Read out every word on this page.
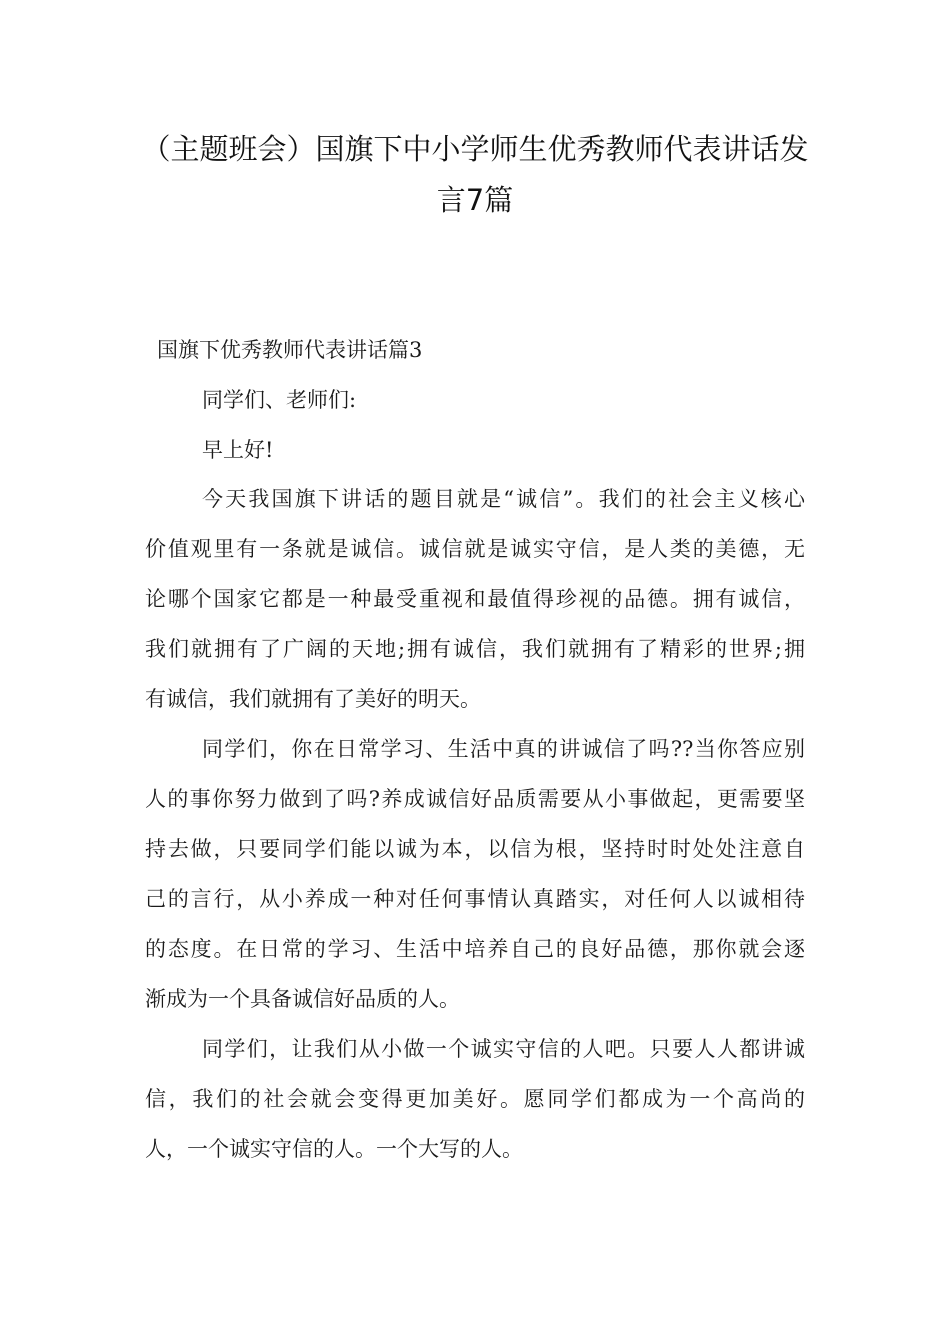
（主题班会）国旗下中小学师生优秀教师代表讲话发
言7篇
国旗下优秀教师代表讲话篇3
同学们、老师们:
早上好!
今天我国旗下讲话的题目就是“诚信”。我们的社会主义核心
价值观里有一条就是诚信。诚信就是诚实守信，是人类的美德，无
论哪个国家它都是一种最受重视和最值得珍视的品德。拥有诚信，
我们就拥有了广阔的天地;拥有诚信，我们就拥有了精彩的世界;拥
有诚信，我们就拥有了美好的明天。
同学们，你在日常学习、生活中真的讲诚信了吗??当你答应别
人的事你努力做到了吗?养成诚信好品质需要从小事做起，更需要坚
持去做，只要同学们能以诚为本，以信为根，坚持时时处处注意自
己的言行，从小养成一种对任何事情认真踏实，对任何人以诚相待
的态度。在日常的学习、生活中培养自己的良好品德，那你就会逐
渐成为一个具备诚信好品质的人。
同学们，让我们从小做一个诚实守信的人吧。只要人人都讲诚
信，我们的社会就会变得更加美好。愿同学们都成为一个高尚的
人，一个诚实守信的人。一个大写的人。
